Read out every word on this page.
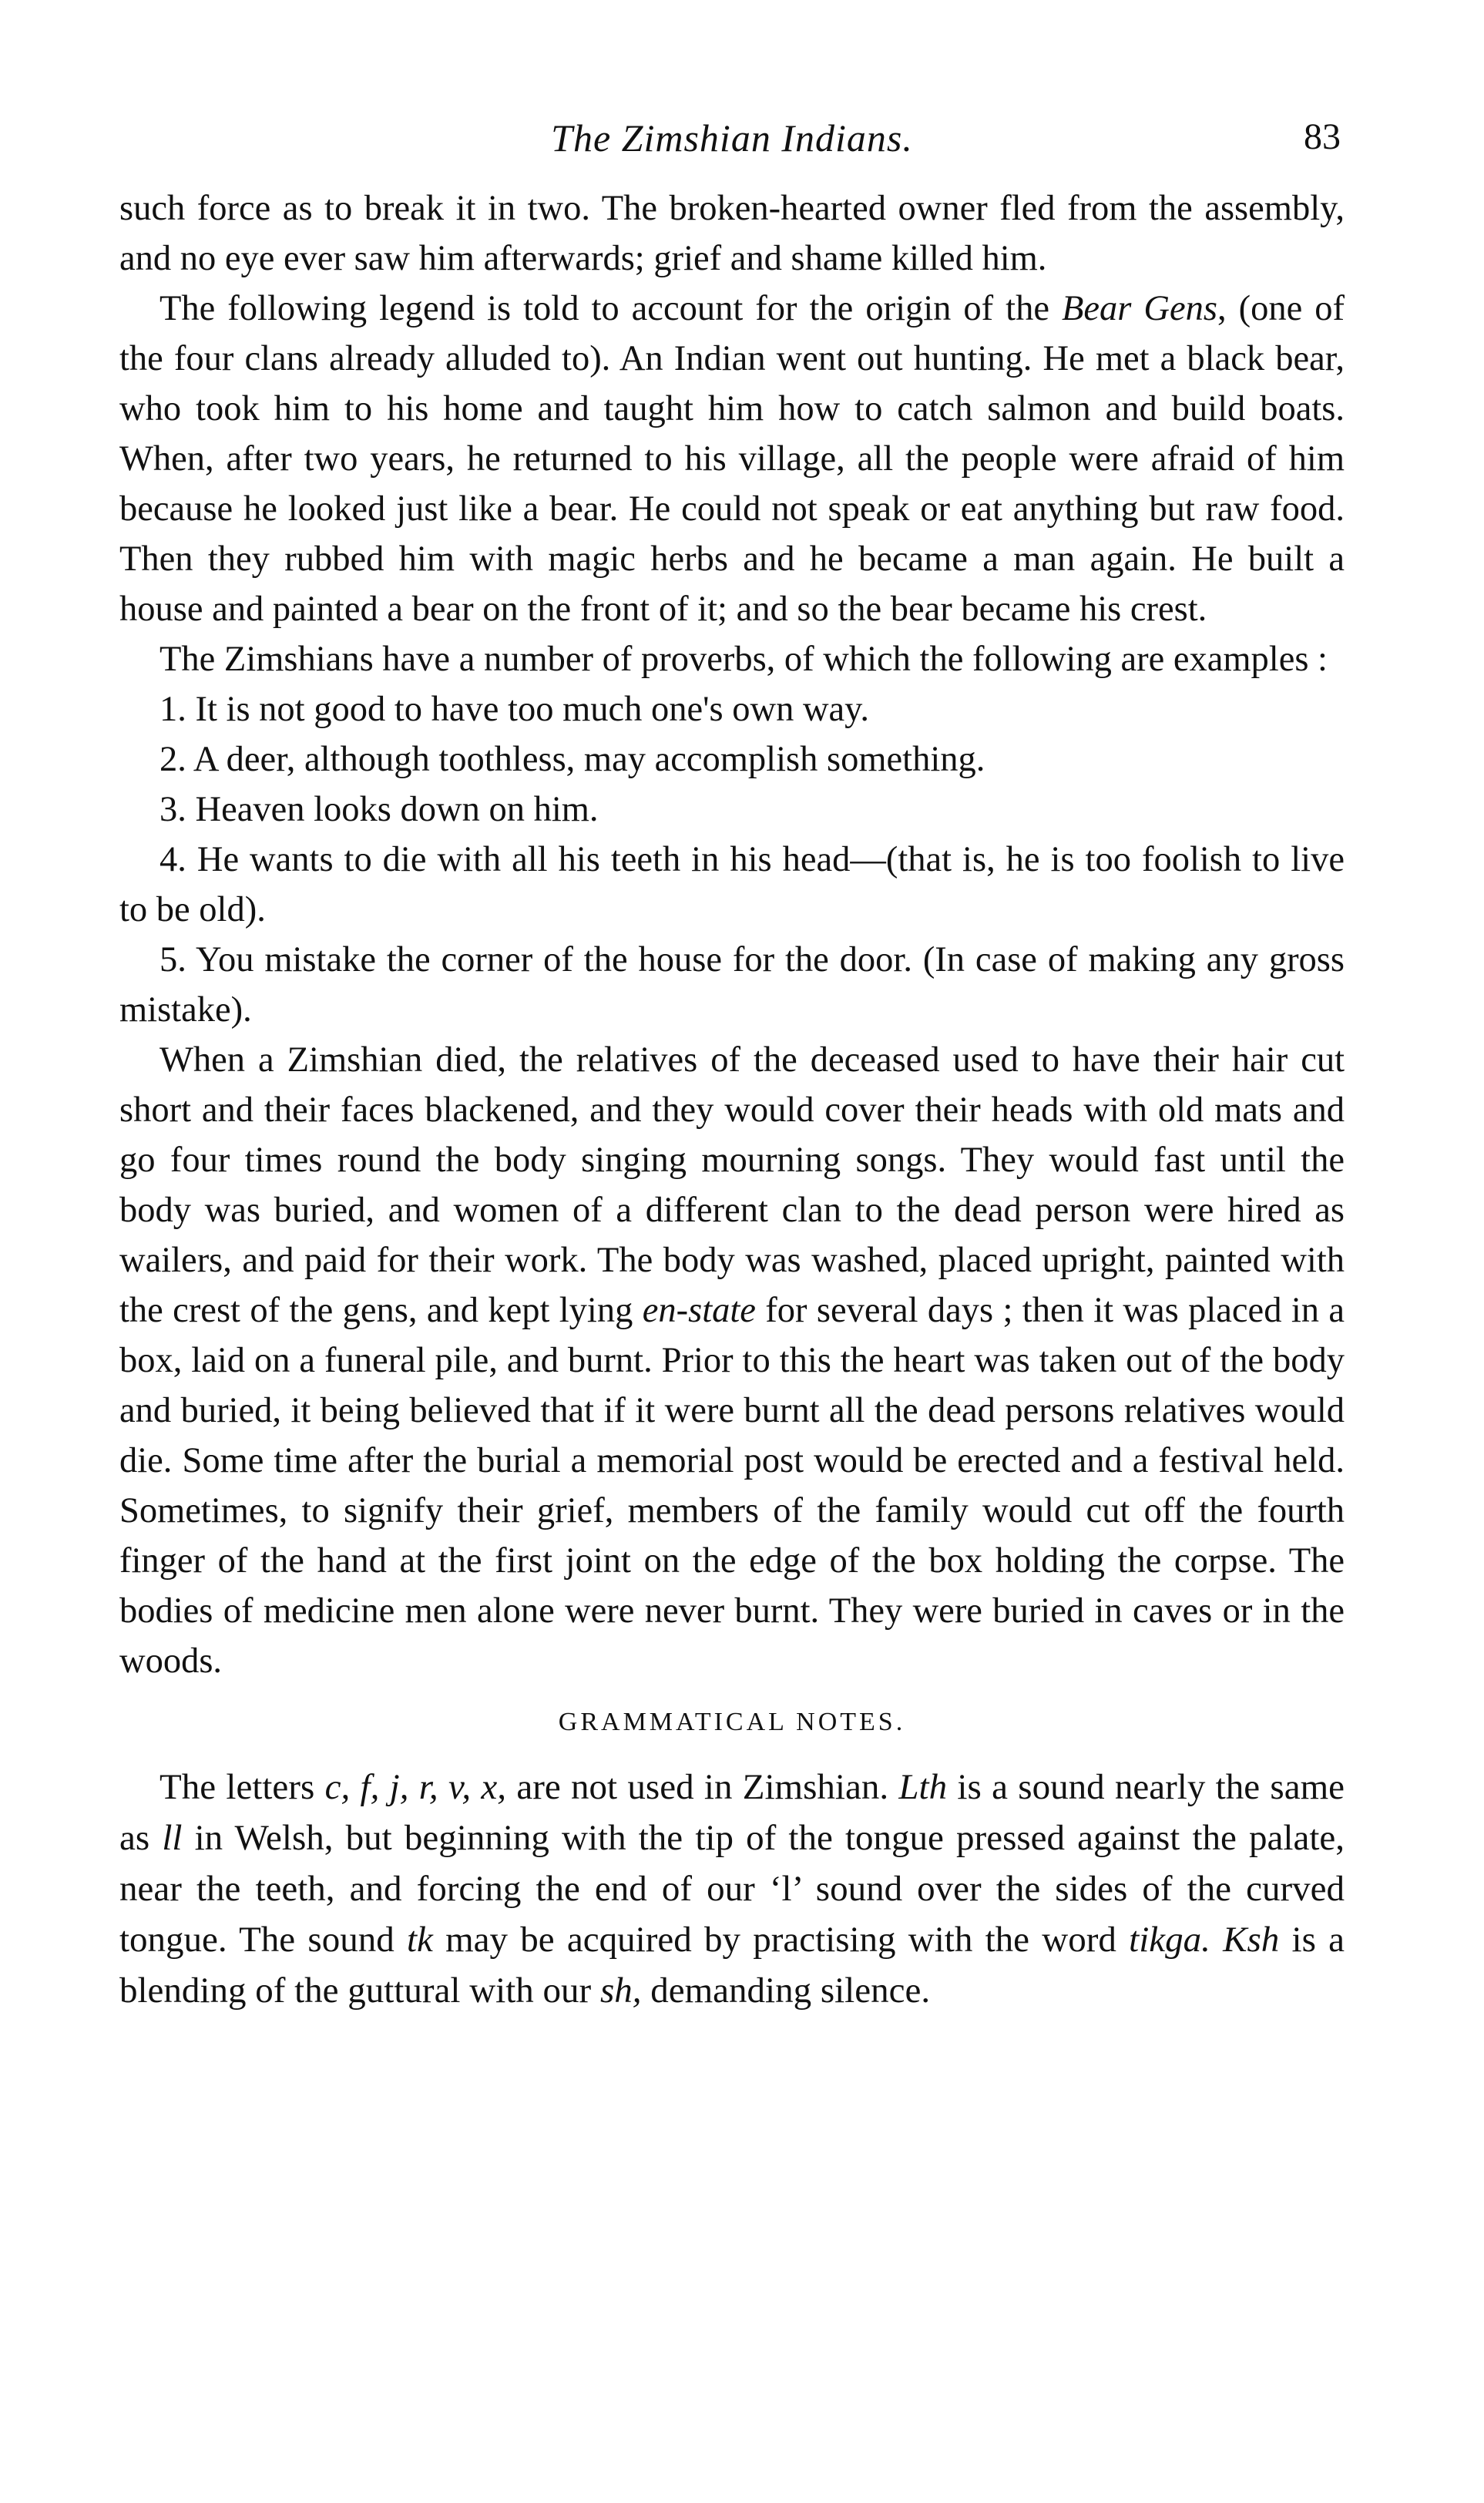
The Zimshian Indians.	83

such force as to break it in two. The broken-hearted owner fled from the assembly, and no eye ever saw him afterwards; grief and shame killed him.

The following legend is told to account for the origin of the Bear Gens, (one of the four clans already alluded to). An Indian went out hunting. He met a black bear, who took him to his home and taught him how to catch salmon and build boats. When, after two years, he returned to his village, all the people were afraid of him because he looked just like a bear. He could not speak or eat anything but raw food. Then they rubbed him with magic herbs and he became a man again. He built a house and painted a bear on the front of it; and so the bear became his crest.

The Zimshians have a number of proverbs, of which the following are examples :

1. It is not good to have too much one's own way.

2. A deer, although toothless, may accomplish something.

3. Heaven looks down on him.

4. He wants to die with all his teeth in his head—(that is, he is too foolish to live to be old).

5. You mistake the corner of the house for the door. (In case of making any gross mistake).

When a Zimshian died, the relatives of the deceased used to have their hair cut short and their faces blackened, and they would cover their heads with old mats and go four times round the body singing mourning songs. They would fast until the body was buried, and women of a different clan to the dead person were hired as wailers, and paid for their work. The body was washed, placed upright, painted with the crest of the gens, and kept lying en-state for several days ; then it was placed in a box, laid on a funeral pile, and burnt. Prior to this the heart was taken out of the body and buried, it being believed that if it were burnt all the dead persons relatives would die. Some time after the burial a memorial post would be erected and a festival held. Sometimes, to signify their grief, members of the family would cut off the fourth finger of the hand at the first joint on the edge of the box holding the corpse. The bodies of medicine men alone were never burnt. They were buried in caves or in the woods.

GRAMMATICAL NOTES.

The letters c, f, j, r, v, x, are not used in Zimshian. Lth is a sound nearly the same as ll in Welsh, but beginning with the tip of the tongue pressed against the palate, near the teeth, and forcing the end of our ‘l’ sound over the sides of the curved tongue. The sound tk may be acquired by practising with the word tikga. Ksh is a blending of the guttural with our sh, demanding silence.
